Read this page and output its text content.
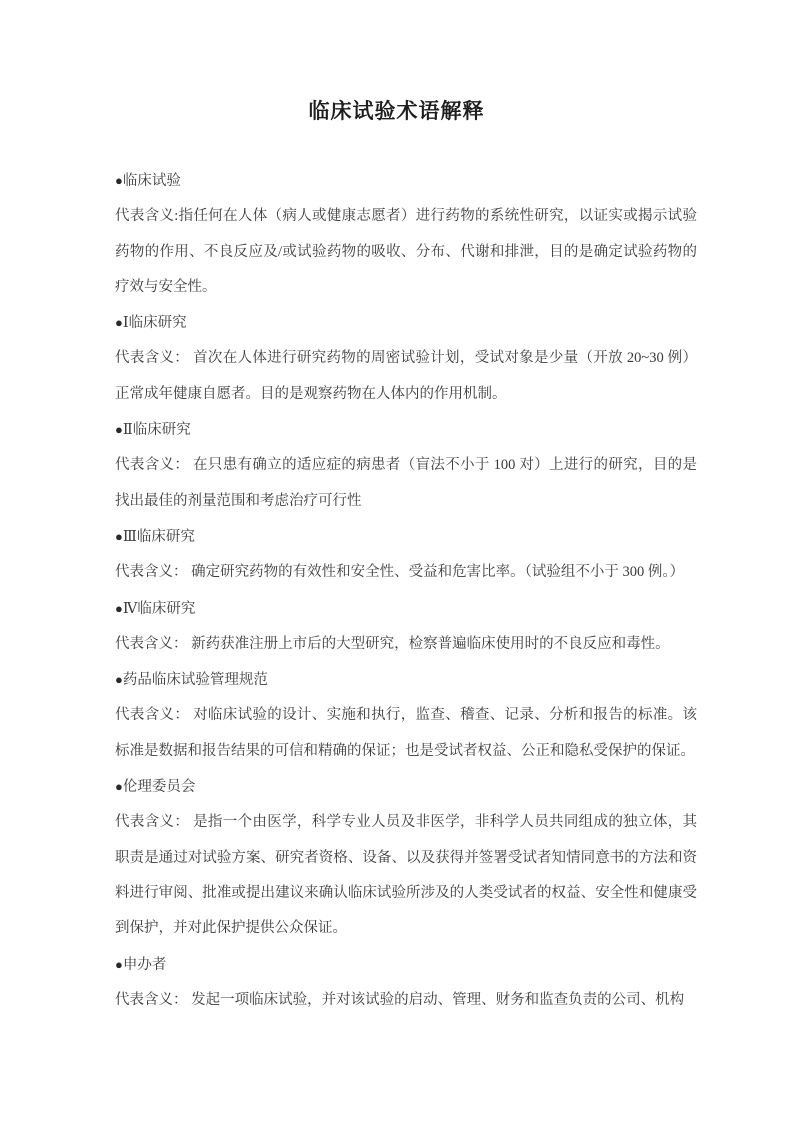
临床试验术语解释
●临床试验

代表含义:指任何在人体（病人或健康志愿者）进行药物的系统性研究，以证实或揭示试验药物的作用、不良反应及/或试验药物的吸收、分布、代谢和排泄，目的是确定试验药物的疗效与安全性。

●Ⅰ临床研究

代表含义： 首次在人体进行研究药物的周密试验计划，受试对象是少量（开放 20~30 例）正常成年健康自愿者。目的是观察药物在人体内的作用机制。

●Ⅱ临床研究

代表含义： 在只患有确立的适应症的病患者（盲法不小于 100 对）上进行的研究，目的是找出最佳的剂量范围和考虑治疗可行性

●Ⅲ临床研究

代表含义： 确定研究药物的有效性和安全性、受益和危害比率。（试验组不小于 300 例。）

●Ⅳ临床研究

代表含义： 新药获准注册上市后的大型研究，检察普遍临床使用时的不良反应和毒性。

●药品临床试验管理规范

代表含义： 对临床试验的设计、实施和执行，监查、稽查、记录、分析和报告的标准。该标准是数据和报告结果的可信和精确的保证；也是受试者权益、公正和隐私受保护的保证。

●伦理委员会

代表含义： 是指一个由医学，科学专业人员及非医学，非科学人员共同组成的独立体，其职责是通过对试验方案、研究者资格、设备、以及获得并签署受试者知情同意书的方法和资料进行审阅、批准或提出建议来确认临床试验所涉及的人类受试者的权益、安全性和健康受到保护，并对此保护提供公众保证。

●申办者

代表含义： 发起一项临床试验，并对该试验的启动、管理、财务和监查负责的公司、机构
